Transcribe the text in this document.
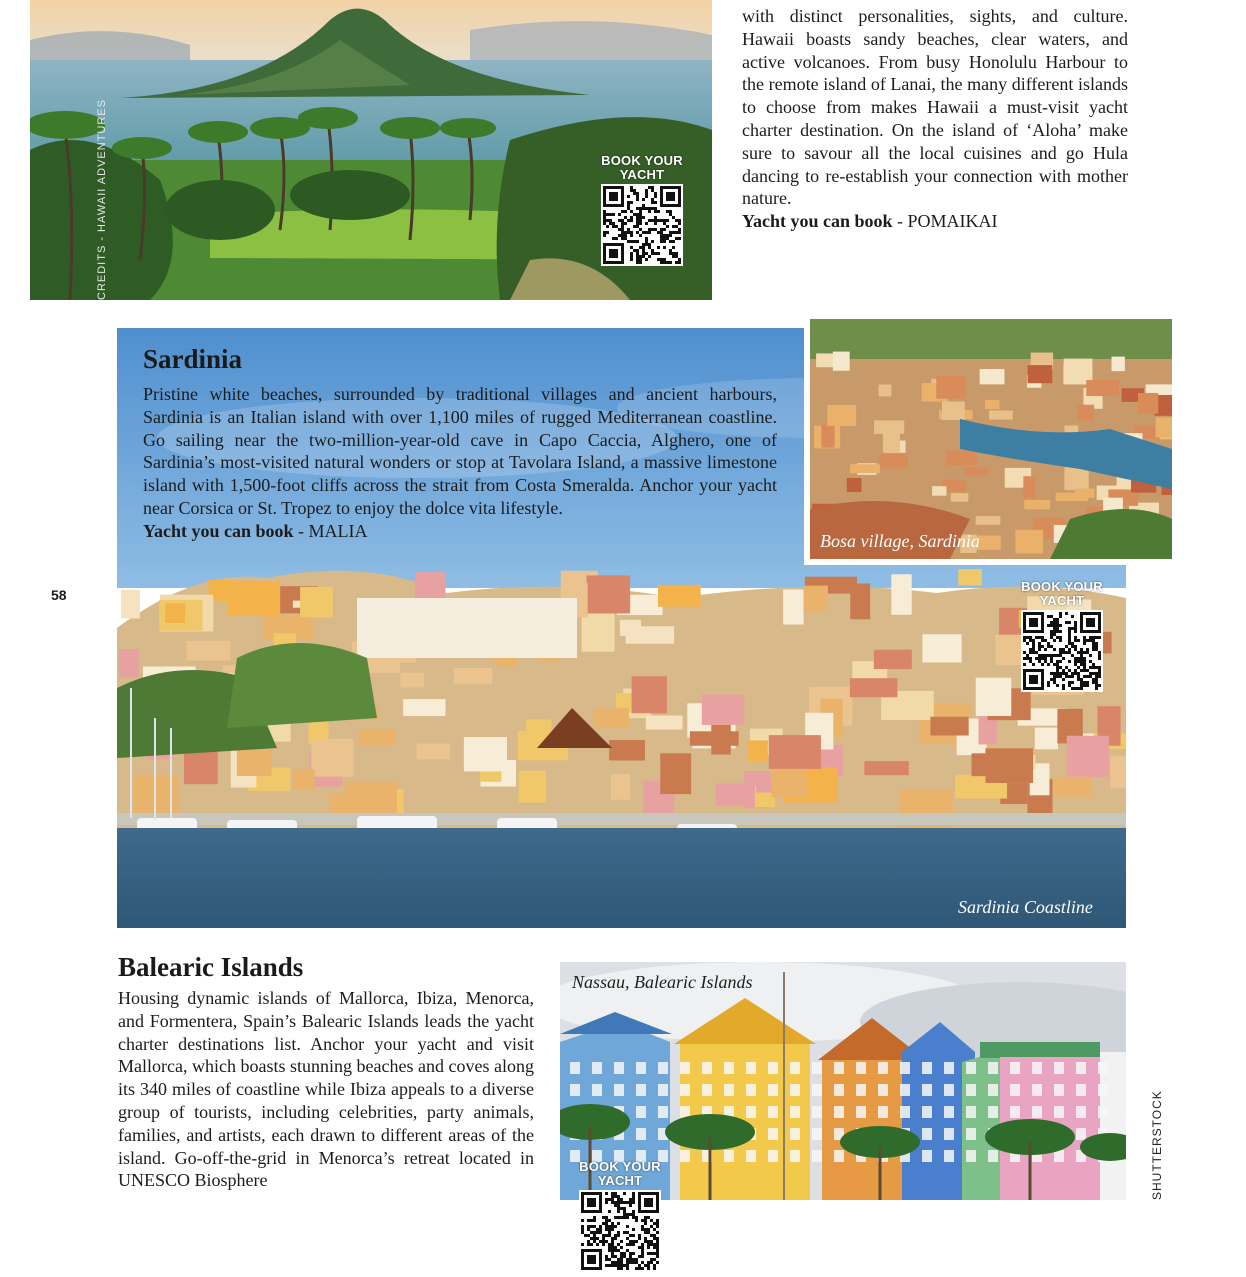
CREDITS - HAWAII ADVENTURES	BOOK YOUR
YACHT

with distinct personalities, sights, and culture. Hawaii boasts sandy beaches, clear waters, and active volcanoes. From busy Honolulu Harbour to the remote island of Lanai, the many different islands to choose from makes Hawaii a must-visit yacht charter destination. On the island of ‘Aloha’ make sure to savour all the local cuisines and go Hula dancing to re-establish your connection with mother nature.

Yacht you can book - POMAIKAI
Sardinia

Pristine white beaches, surrounded by traditional villages and ancient harbours, Sardinia is an Italian island with over 1,100 miles of rugged Mediterranean coastline. Go sailing near the two-million-year-old cave in Capo Caccia, Alghero, one of Sardinia’s most-visited natural wonders or stop at Tavolara Island, a massive limestone island with 1,500-foot cliffs across the strait from Costa Smeralda. Anchor your yacht near Corsica or St. Tropez to enjoy the dolce vita lifestyle.

Yacht you can book - MALIA
Bosa village, Sardinia
BOOK YOUR
YACHT
Sardinia Coastline
58
Balearic Islands

Housing dynamic islands of Mallorca, Ibiza, Menorca, and Formentera, Spain’s Balearic Islands leads the yacht charter destinations list. Anchor your yacht and visit Mallorca, which boasts stunning beaches and coves along its 340 miles of coastline while Ibiza appeals to a diverse group of tourists, including celebrities, party animals, families, and artists, each drawn to different areas of the island. Go-off-the-grid in Menorca’s retreat located in UNESCO Biosphere

Nassau, Balearic Islands
BOOK YOUR
YACHT	SHUTTERSTOCK
